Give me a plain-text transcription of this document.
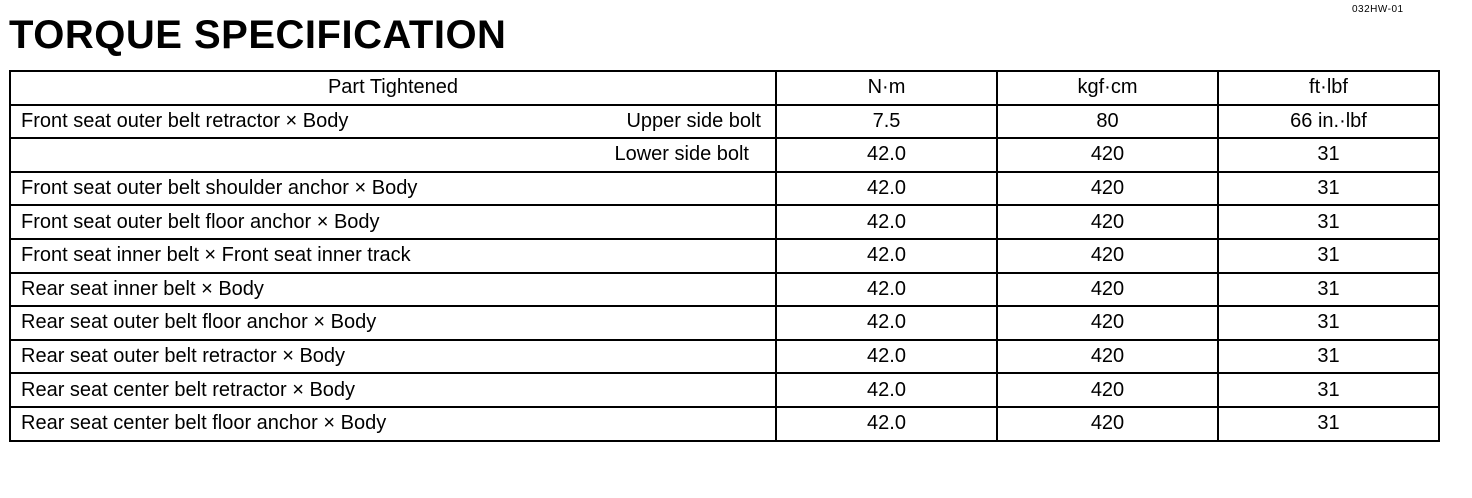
032HW-01
TORQUE SPECIFICATION
Part Tightened	N·m	kgf·cm	ft·lbf

Front seat outer belt retractor × Body Upper side bolt	7.5	80	66 in.·lbf

Lower side bolt	42.0	420	31
Front seat outer belt shoulder anchor × Body	42.0	420	31
Front seat outer belt floor anchor × Body	42.0	420	31
Front seat inner belt × Front seat inner track	42.0	420	31
Rear seat inner belt × Body	42.0	420	31
Rear seat outer belt floor anchor × Body	42.0	420	31
Rear seat outer belt retractor × Body	42.0	420	31
Rear seat center belt retractor × Body	42.0	420	31
Rear seat center belt floor anchor × Body	42.0	420	31
